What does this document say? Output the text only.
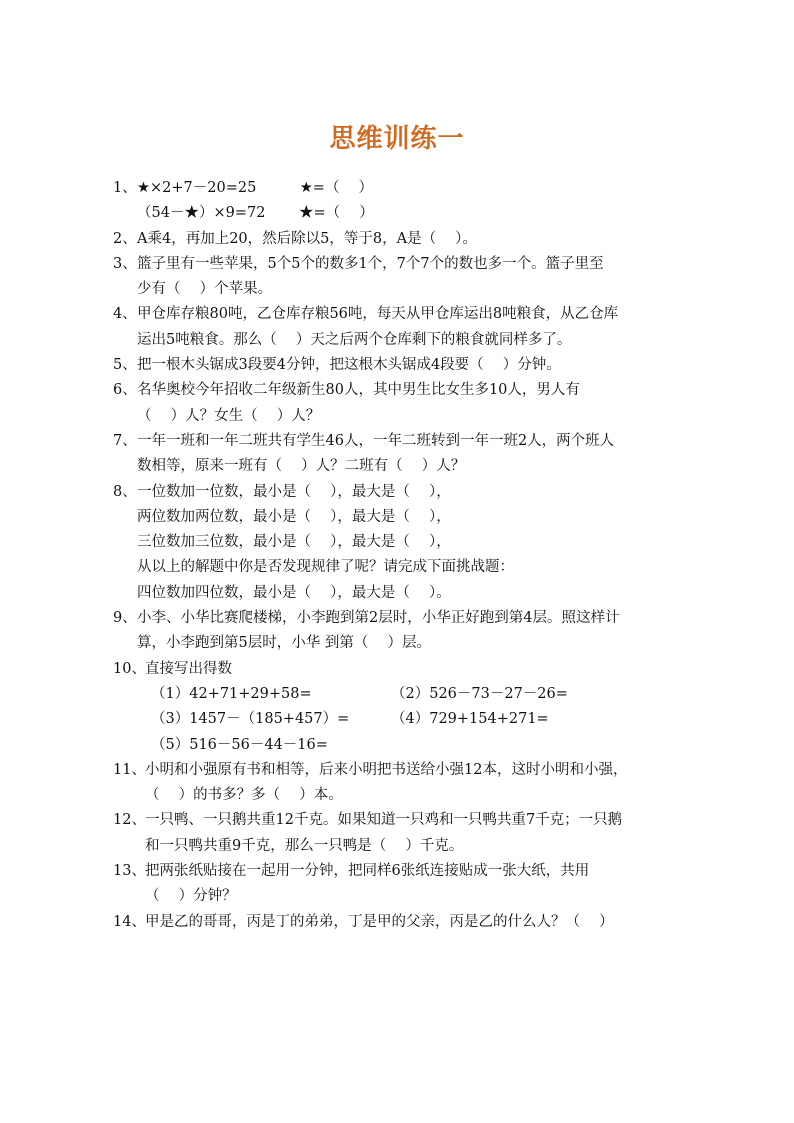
思维训练一
1、 ★×2+7－20=25　　　★=（　 ）
（54－★）×9=72　　 ★=（　 ）
2、 A乘4，再加上20，然后除以5，等于8，A是（　 ）。
3、 篮子里有一些苹果，5个5个的数多1个，7个7个的数也多一个。篮子里至
少有（　 ）个苹果。
4、 甲仓库存粮80吨，乙仓库存粮56吨，每天从甲仓库运出8吨粮食，从乙仓库
运出5吨粮食。那么（　 ）天之后两个仓库剩下的粮食就同样多了。
5、 把一根木头锯成3段要4分钟，把这根木头锯成4段要（　 ）分钟。
6、 名华奥校今年招收二年级新生80人，其中男生比女生多10人，男人有
（　 ）人？女生（　 ）人？
7、 一年一班和一年二班共有学生46人，一年二班转到一年一班2人，两个班人
数相等，原来一班有（　 ）人？二班有（　 ）人？
8、 一位数加一位数，最小是（　 ），最大是（　 ），
两位数加两位数，最小是（　 ），最大是（　 ），
三位数加三位数，最小是（　 ），最大是（　 ），
从以上的解题中你是否发现规律了呢？请完成下面挑战题：
四位数加四位数，最小是（　 ），最大是（　 ）。
9、 小李、小华比赛爬楼梯，小李跑到第2层时，小华正好跑到第4层。照这样计
算，小李跑到第5层时，小华 到第（　 ）层。
10、 直接写出得数
（1）42+71+29+58=	（2）526－73－27－26=
（3）1457－（185+457）=	（4）729+154+271=
（5）516－56－44－16=
11、 小明和小强原有书和相等，后来小明把书送给小强12本，这时小明和小强，
（　 ）的书多？多（　 ）本。
12、 一只鸭、一只鹅共重12千克。如果知道一只鸡和一只鸭共重7千克；一只鹅
和一只鸭共重9千克，那么一只鸭是（　 ）千克。
13、 把两张纸贴接在一起用一分钟，把同样6张纸连接贴成一张大纸，共用
（　 ）分钟？
14、 甲是乙的哥哥，丙是丁的弟弟，丁是甲的父亲，丙是乙的什么人？（　 ）
